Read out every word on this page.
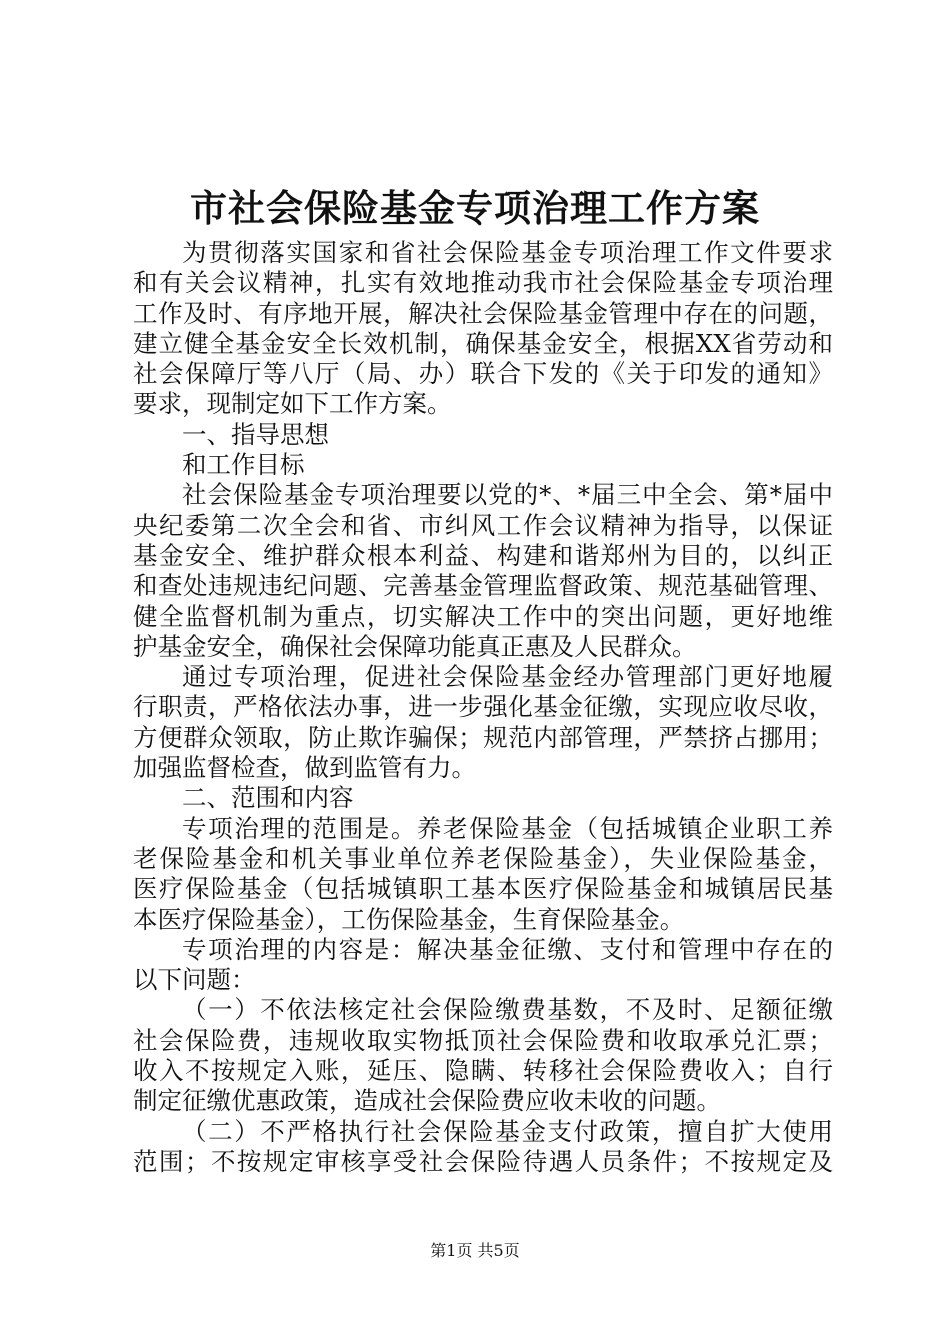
市社会保险基金专项治理工作方案
为贯彻落实国家和省社会保险基金专项治理工作文件要求
和有关会议精神，扎实有效地推动我市社会保险基金专项治理
工作及时、有序地开展，解决社会保险基金管理中存在的问题，
建立健全基金安全长效机制，确保基金安全，根据XX省劳动和
社会保障厅等八厅（局、办）联合下发的《关于印发的通知》
要求，现制定如下工作方案。
一、指导思想
和工作目标
社会保险基金专项治理要以党的*、*届三中全会、第*届中
央纪委第二次全会和省、市纠风工作会议精神为指导，以保证
基金安全、维护群众根本利益、构建和谐郑州为目的，以纠正
和查处违规违纪问题、完善基金管理监督政策、规范基础管理、
健全监督机制为重点，切实解决工作中的突出问题，更好地维
护基金安全，确保社会保障功能真正惠及人民群众。
通过专项治理，促进社会保险基金经办管理部门更好地履
行职责，严格依法办事，进一步强化基金征缴，实现应收尽收，
方便群众领取，防止欺诈骗保；规范内部管理，严禁挤占挪用；
加强监督检查，做到监管有力。
二、范围和内容
专项治理的范围是。养老保险基金（包括城镇企业职工养
老保险基金和机关事业单位养老保险基金），失业保险基金，
医疗保险基金（包括城镇职工基本医疗保险基金和城镇居民基
本医疗保险基金），工伤保险基金，生育保险基金。
专项治理的内容是：解决基金征缴、支付和管理中存在的
以下问题：
（一）不依法核定社会保险缴费基数，不及时、足额征缴
社会保险费，违规收取实物抵顶社会保险费和收取承兑汇票；
收入不按规定入账，延压、隐瞒、转移社会保险费收入；自行
制定征缴优惠政策，造成社会保险费应收未收的问题。
（二）不严格执行社会保险基金支付政策，擅自扩大使用
范围；不按规定审核享受社会保险待遇人员条件；不按规定及
第1页 共5页
